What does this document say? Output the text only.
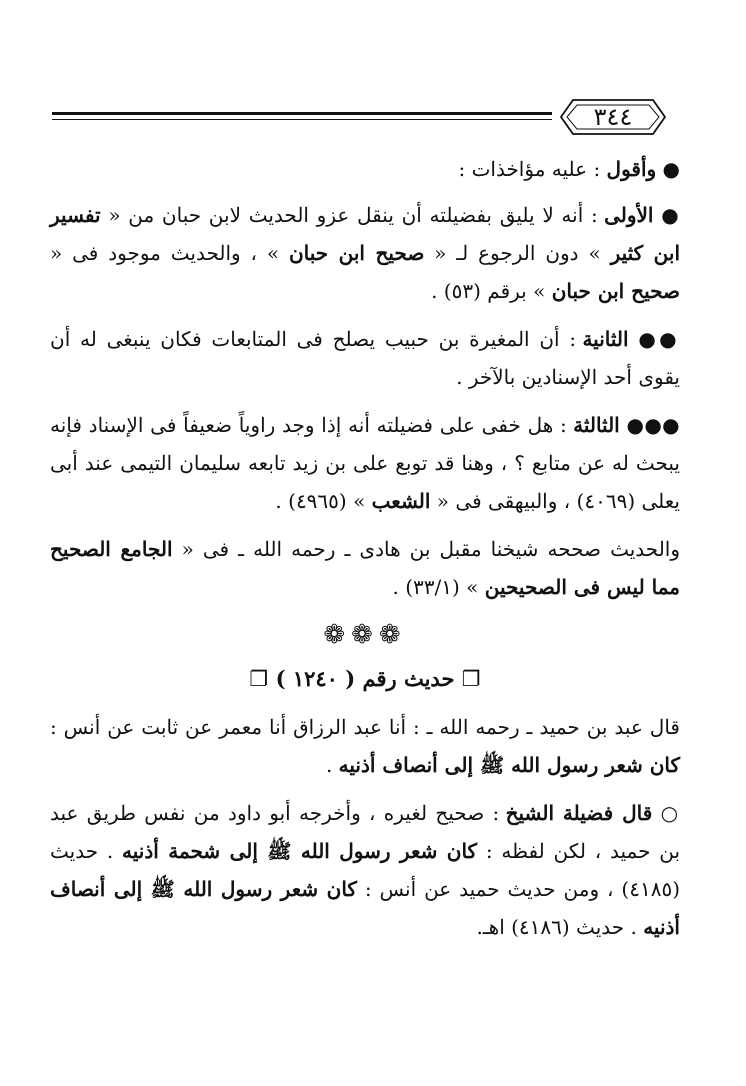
٣٤٤

● وأقول : عليه مؤاخذات :

● الأولى : أنه لا يليق بفضيلته أن ينقل عزو الحديث لابن حبان من « تفسير ابن كثير » دون الرجوع لـ « صحيح ابن حبان » ، والحديث موجود فى « صحيح ابن حبان » برقم (٥٣) .

●● الثانية : أن المغيرة بن حبيب يصلح فى المتابعات فكان ينبغى له أن يقوى أحد الإسنادين بالآخر .

●●● الثالثة : هل خفى على فضيلته أنه إذا وجد راوياً ضعيفاً فى الإسناد فإنه يبحث له عن متابع ؟ ، وهنا قد توبع على بن زيد تابعه سليمان التيمى عند أبى يعلى (٤٠٦٩) ، والبيهقى فى « الشعب » (٤٩٦٥) .

والحديث صححه شيخنا مقبل بن هادى ـ رحمه الله ـ فى « الجامع الصحيح مما ليس فى الصحيحين » (٣٣/١) .

❁❁❁
❐ حديث رقم ( ١٢٤٠ ) ❐

قال عبد بن حميد ـ رحمه الله ـ : أنا عبد الرزاق أنا معمر عن ثابت عن أنس : كان شعر رسول الله ﷺ إلى أنصاف أذنيه .

○ قال فضيلة الشيخ : صحيح لغيره ، وأخرجه أبو داود من نفس طريق عبد بن حميد ، لكن لفظه : كان شعر رسول الله ﷺ إلى شحمة أذنيه . حديث (٤١٨٥) ، ومن حديث حميد عن أنس : كان شعر رسول الله ﷺ إلى أنصاف أذنيه . حديث (٤١٨٦) اهـ.
